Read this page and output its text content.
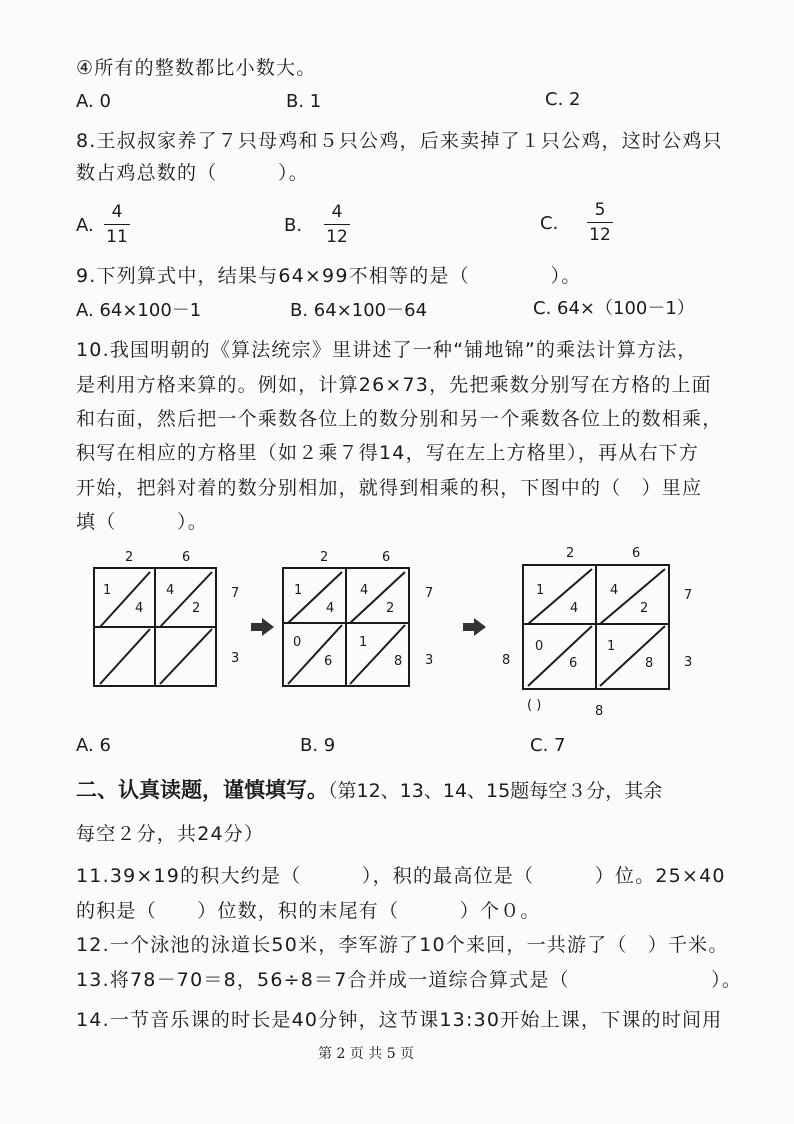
④所有的整数都比小数大。
A. 0	B. 1	C. 2
8.王叔叔家养了７只母鸡和５只公鸡，后来卖掉了１只公鸡，这时公鸡只
数占鸡总数的（　　　）。
A.
4
11
B.
4
12
C.
5
12
9.下列算式中，结果与64×99不相等的是（　　　　）。
A. 64×100－1	B. 64×100－64	C. 64×（100－1）
10.我国明朝的《算法统宗》里讲述了一种“铺地锦”的乘法计算方法，
是利用方格来算的。例如，计算26×73，先把乘数分别写在方格的上面
和右面，然后把一个乘数各位上的数分别和另一个乘数各位上的数相乘，
积写在相应的方格里（如２乘７得14，写在左上方格里），再从右下方
开始，把斜对着的数分别相加，就得到相乘的积，下图中的（　）里应
填（　　　）。
2	6
7
3
1
4
4
2
2	6
7
3
1
4
4
2
0
6
1
8
2	6
7
3
8
1
4
4
2
0
6
1
8
( )	8
A. 6	B. 9	C. 7
二、认真读题，谨慎填写。（第12、13、14、15题每空３分，其余
每空２分，共24分）
11.39×19的积大约是（　　　），积的最高位是（　　　）位。25×40
的积是（　　）位数，积的末尾有（　　　）个０。
12.一个泳池的泳道长50米，李军游了10个来回，一共游了（　）千米。
13.将78－70＝8，56÷8＝7合并成一道综合算式是（　　　　　　　）。
14.一节音乐课的时长是40分钟，这节课13:30开始上课，下课的时间用
第 2 页 共 5 页
